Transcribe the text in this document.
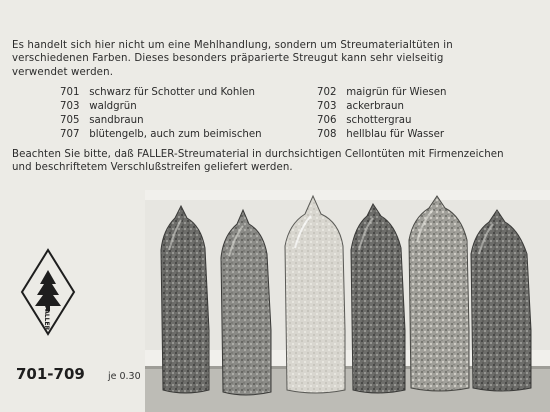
Es handelt sich hier nicht um eine Mehlhandlung, sondern um Streumaterialtüten in

verschiedenen Farben. Dieses besonders präparierte Streugut kann sehr vielseitig

verwendet werden.

701 schwarz für Schotter und Kohlen
703 waldgrün
705 sandbraun
707 blütengelb, auch zum beimischen
702 maigrün für Wiesen
703 ackerbraun
706 schottergrau
708 hellblau für Wasser

Beachten Sie bitte, daß FALLER-Streumaterial in durchsichtigen Cellontüten mit Firmenzeichen

und beschriftetem Verschlußstreifen geliefert werden.

FALLER
701-709 je 0.30
